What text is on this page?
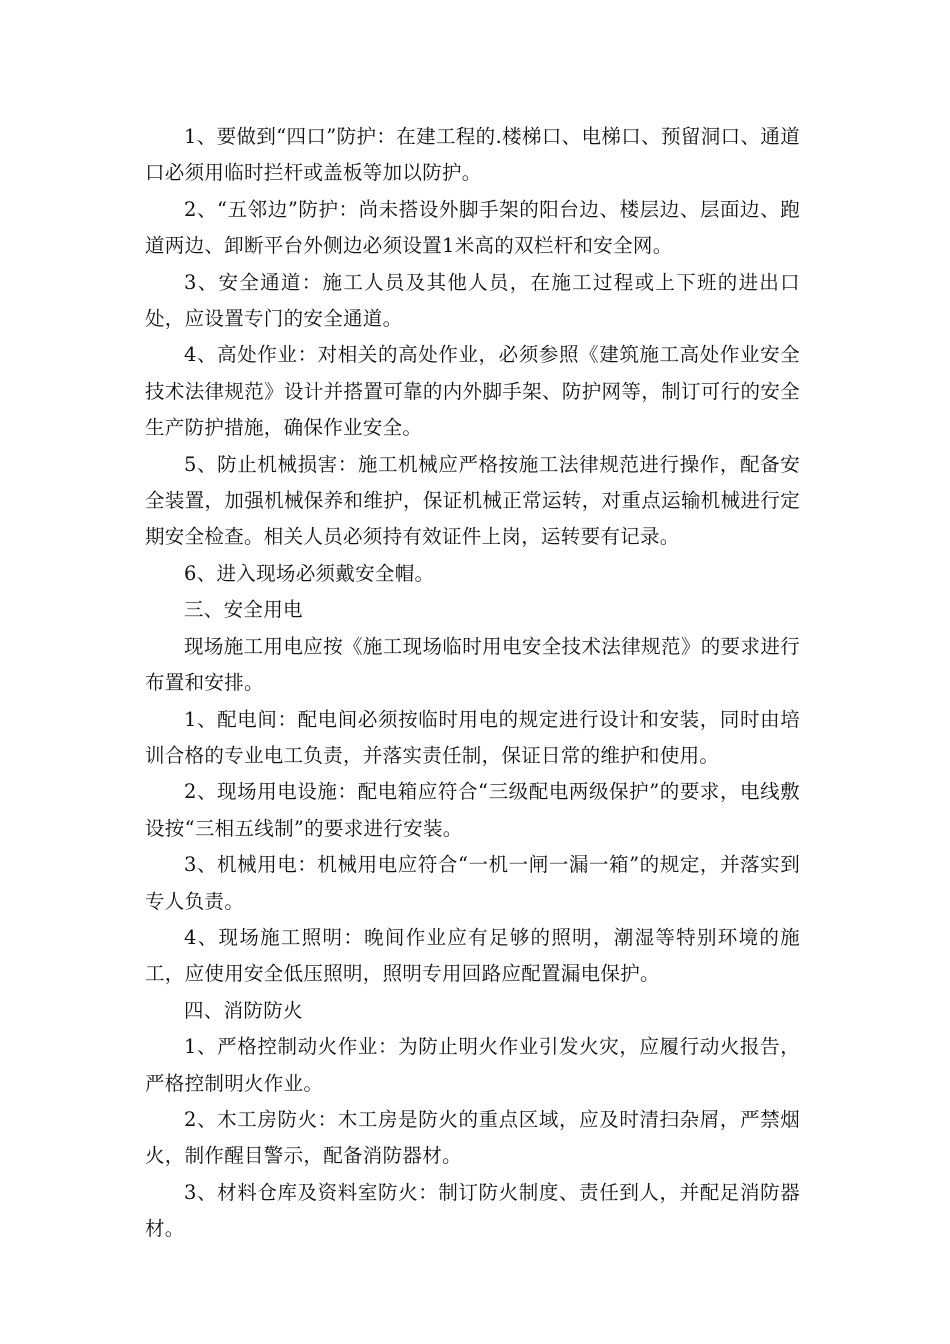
1、要做到“四口”防护：在建工程的.楼梯口、电梯口、预留洞口、通道口必须用临时拦杆或盖板等加以防护。

2、“五邻边”防护：尚未搭设外脚手架的阳台边、楼层边、层面边、跑道两边、卸断平台外侧边必须设置1米高的双栏杆和安全网。

3、安全通道：施工人员及其他人员，在施工过程或上下班的进出口处，应设置专门的安全通道。

4、高处作业：对相关的高处作业，必须参照《建筑施工高处作业安全技术法律规范》设计并搭置可靠的内外脚手架、防护网等，制订可行的安全生产防护措施，确保作业安全。

5、防止机械损害：施工机械应严格按施工法律规范进行操作，配备安全装置，加强机械保养和维护，保证机械正常运转，对重点运输机械进行定期安全检查。相关人员必须持有效证件上岗，运转要有记录。

6、进入现场必须戴安全帽。

三、安全用电

现场施工用电应按《施工现场临时用电安全技术法律规范》的要求进行布置和安排。

1、配电间：配电间必须按临时用电的规定进行设计和安装，同时由培训合格的专业电工负责，并落实责任制，保证日常的维护和使用。

2、现场用电设施：配电箱应符合“三级配电两级保护”的要求，电线敷设按“三相五线制”的要求进行安装。

3、机械用电：机械用电应符合“一机一闸一漏一箱”的规定，并落实到专人负责。

4、现场施工照明：晚间作业应有足够的照明，潮湿等特别环境的施工，应使用安全低压照明，照明专用回路应配置漏电保护。

四、消防防火

1、严格控制动火作业：为防止明火作业引发火灾，应履行动火报告，严格控制明火作业。

2、木工房防火：木工房是防火的重点区域，应及时清扫杂屑，严禁烟火，制作醒目警示，配备消防器材。

3、材料仓库及资料室防火：制订防火制度、责任到人，并配足消防器材。
